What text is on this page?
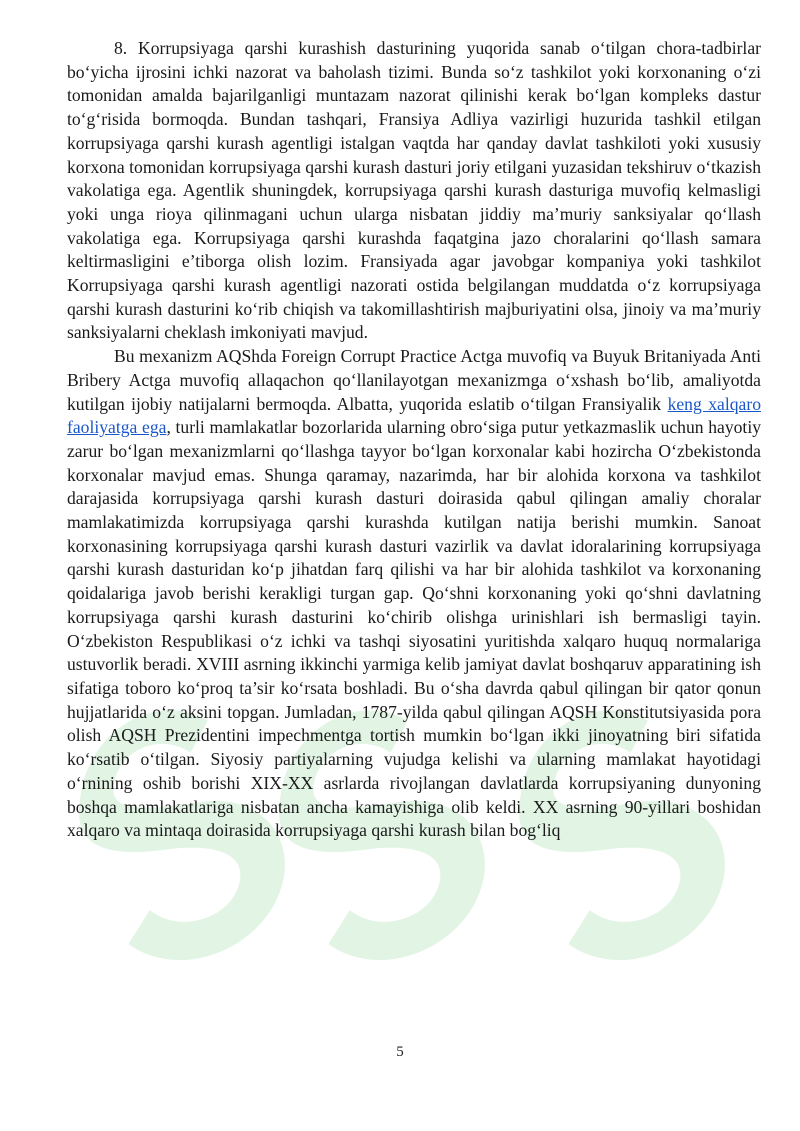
8. Korrupsiyaga qarshi kurashish dasturining yuqorida sanab o‘tilgan chora-tadbirlar bo‘yicha ijrosini ichki nazorat va baholash tizimi. Bunda so‘z tashkilot yoki korxonaning o‘zi tomonidan amalda bajarilganligi muntazam nazorat qilinishi kerak bo‘lgan kompleks dastur to‘g‘risida bormoqda. Bundan tashqari, Fransiya Adliya vazirligi huzurida tashkil etilgan korrupsiyaga qarshi kurash agentligi istalgan vaqtda har qanday davlat tashkiloti yoki xususiy korxona tomonidan korrupsiyaga qarshi kurash dasturi joriy etilgani yuzasidan tekshiruv o‘tkazish vakolatiga ega. Agentlik shuningdek, korrupsiyaga qarshi kurash dasturiga muvofiq kelmasligi yoki unga rioya qilinmagani uchun ularga nisbatan jiddiy ma’muriy sanksiyalar qo‘llash vakolatiga ega. Korrupsiyaga qarshi kurashda faqatgina jazo choralarini qo‘llash samara keltirmasligini e’tiborga olish lozim. Fransiyada agar javobgar kompaniya yoki tashkilot Korrupsiyaga qarshi kurash agentligi nazorati ostida belgilangan muddatda o‘z korrupsiyaga qarshi kurash dasturini ko‘rib chiqish va takomillashtirish majburiyatini olsa, jinoiy va ma’muriy sanksiyalarni cheklash imkoniyati mavjud.

Bu mexanizm AQShda Foreign Corrupt Practice Actga muvofiq va Buyuk Britaniyada Anti Bribery Actga muvofiq allaqachon qo‘llanilayotgan mexanizmga o‘xshash bo‘lib, amaliyotda kutilgan ijobiy natijalarni bermoqda. Albatta, yuqorida eslatib o‘tilgan Fransiyalik keng xalqaro faoliyatga ega, turli mamlakatlar bozorlarida ularning obro‘siga putur yetkazmaslik uchun hayotiy zarur bo‘lgan mexanizmlarni qo‘llashga tayyor bo‘lgan korxonalar kabi hozircha O‘zbekistonda korxonalar mavjud emas. Shunga qaramay, nazarimda, har bir alohida korxona va tashkilot darajasida korrupsiyaga qarshi kurash dasturi doirasida qabul qilingan amaliy choralar mamlakatimizda korrupsiyaga qarshi kurashda kutilgan natija berishi mumkin. Sanoat korxonasining korrupsiyaga qarshi kurash dasturi vazirlik va davlat idoralarining korrupsiyaga qarshi kurash dasturidan ko‘p jihatdan farq qilishi va har bir alohida tashkilot va korxonaning qoidalariga javob berishi kerakligi turgan gap. Qo‘shni korxonaning yoki qo‘shni davlatning korrupsiyaga qarshi kurash dasturini ko‘chirib olishga urinishlari ish bermasligi tayin. O‘zbekiston Respublikasi o‘z ichki va tashqi siyosatini yuritishda xalqaro huquq normalariga ustuvorlik beradi. XVIII asrning ikkinchi yarmiga kelib jamiyat davlat boshqaruv apparatining ish sifatiga toboro ko‘proq ta’sir ko‘rsata boshladi. Bu o‘sha davrda qabul qilingan bir qator qonun hujjatlarida o‘z aksini topgan. Jumladan, 1787-yilda qabul qilingan AQSH Konstitutsiyasida pora olish AQSH Prezidentini impechmentga tortish mumkin bo‘lgan ikki jinoyatning biri sifatida ko‘rsatib o‘tilgan. Siyosiy partiyalarning vujudga kelishi va ularning mamlakat hayotidagi o‘rnining oshib borishi XIX-XX asrlarda rivojlangan davlatlarda korrupsiyaning dunyoning boshqa mamlakatlariga nisbatan ancha kamayishiga olib keldi. XX asrning 90-yillari boshidan xalqaro va mintaqa doirasida korrupsiyaga qarshi kurash bilan bog‘liq

5
